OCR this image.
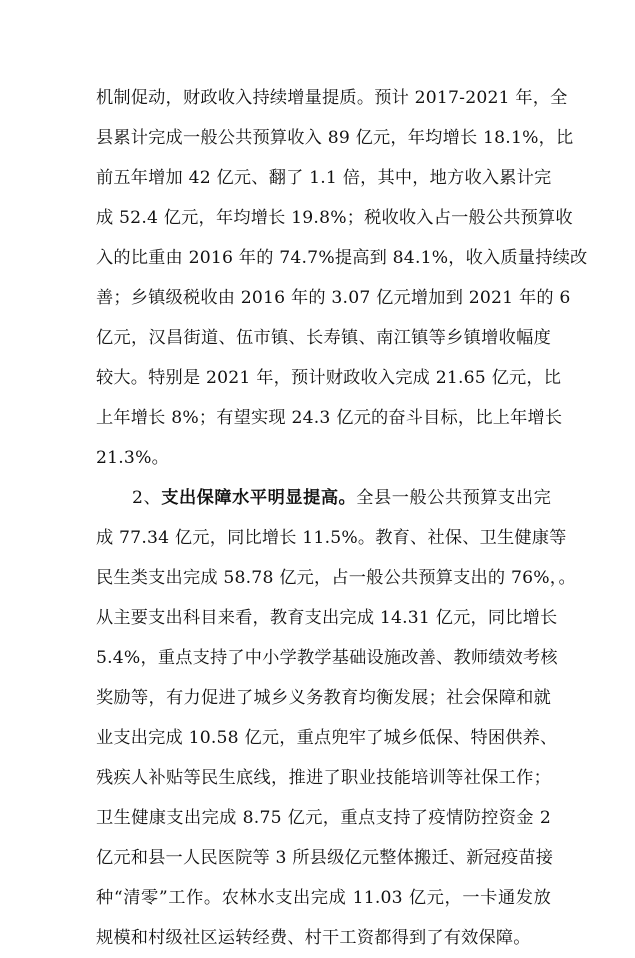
机制促动，财政收入持续增量提质。预计 2017-2021 年，全
县累计完成一般公共预算收入 89 亿元，年均增长 18.1%，比
前五年增加 42 亿元、翻了 1.1 倍，其中，地方收入累计完
成 52.4 亿元，年均增长 19.8%；税收收入占一般公共预算收
入的比重由 2016 年的 74.7%提高到 84.1%，收入质量持续改
善；乡镇级税收由 2016 年的 3.07 亿元增加到 2021 年的 6
亿元，汉昌街道、伍市镇、长寿镇、南江镇等乡镇增收幅度
较大。特别是 2021 年，预计财政收入完成 21.65 亿元，比
上年增长 8%；有望实现 24.3 亿元的奋斗目标，比上年增长
21.3%。
2、支出保障水平明显提高。全县一般公共预算支出完
成 77.34 亿元，同比增长 11.5%。教育、社保、卫生健康等
民生类支出完成 58.78 亿元，占一般公共预算支出的 76%，。
从主要支出科目来看，教育支出完成 14.31 亿元，同比增长
5.4%，重点支持了中小学教学基础设施改善、教师绩效考核
奖励等，有力促进了城乡义务教育均衡发展；社会保障和就
业支出完成 10.58 亿元，重点兜牢了城乡低保、特困供养、
残疾人补贴等民生底线，推进了职业技能培训等社保工作；
卫生健康支出完成 8.75 亿元，重点支持了疫情防控资金 2
亿元和县一人民医院等 3 所县级亿元整体搬迁、新冠疫苗接
种“清零”工作。农林水支出完成 11.03 亿元，一卡通发放
规模和村级社区运转经费、村干工资都得到了有效保障。
